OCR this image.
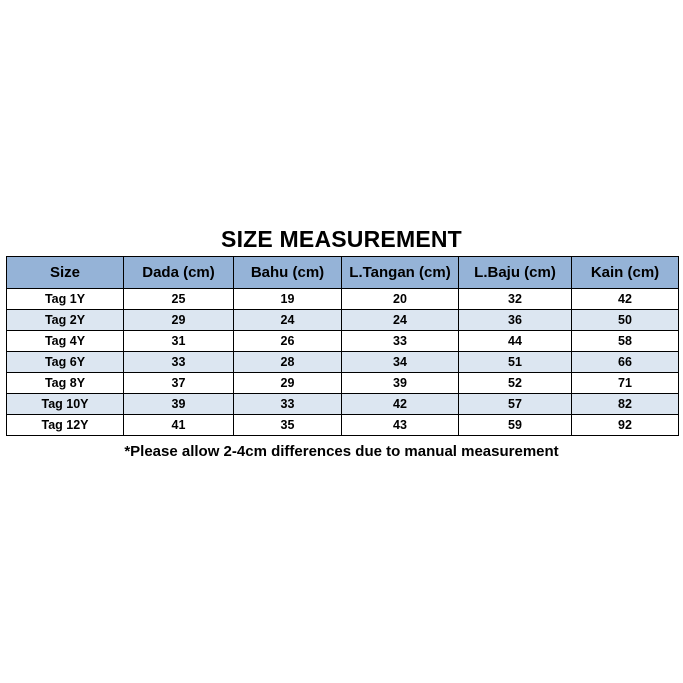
SIZE MEASUREMENT
Size	Dada (cm)	Bahu (cm)	L.Tangan (cm)	L.Baju (cm)	Kain (cm)
Tag 1Y	25	19	20	32	42
Tag 2Y	29	24	24	36	50
Tag 4Y	31	26	33	44	58
Tag 6Y	33	28	34	51	66
Tag 8Y	37	29	39	52	71
Tag 10Y	39	33	42	57	82
Tag 12Y	41	35	43	59	92
*Please allow 2-4cm differences due to manual measurement
